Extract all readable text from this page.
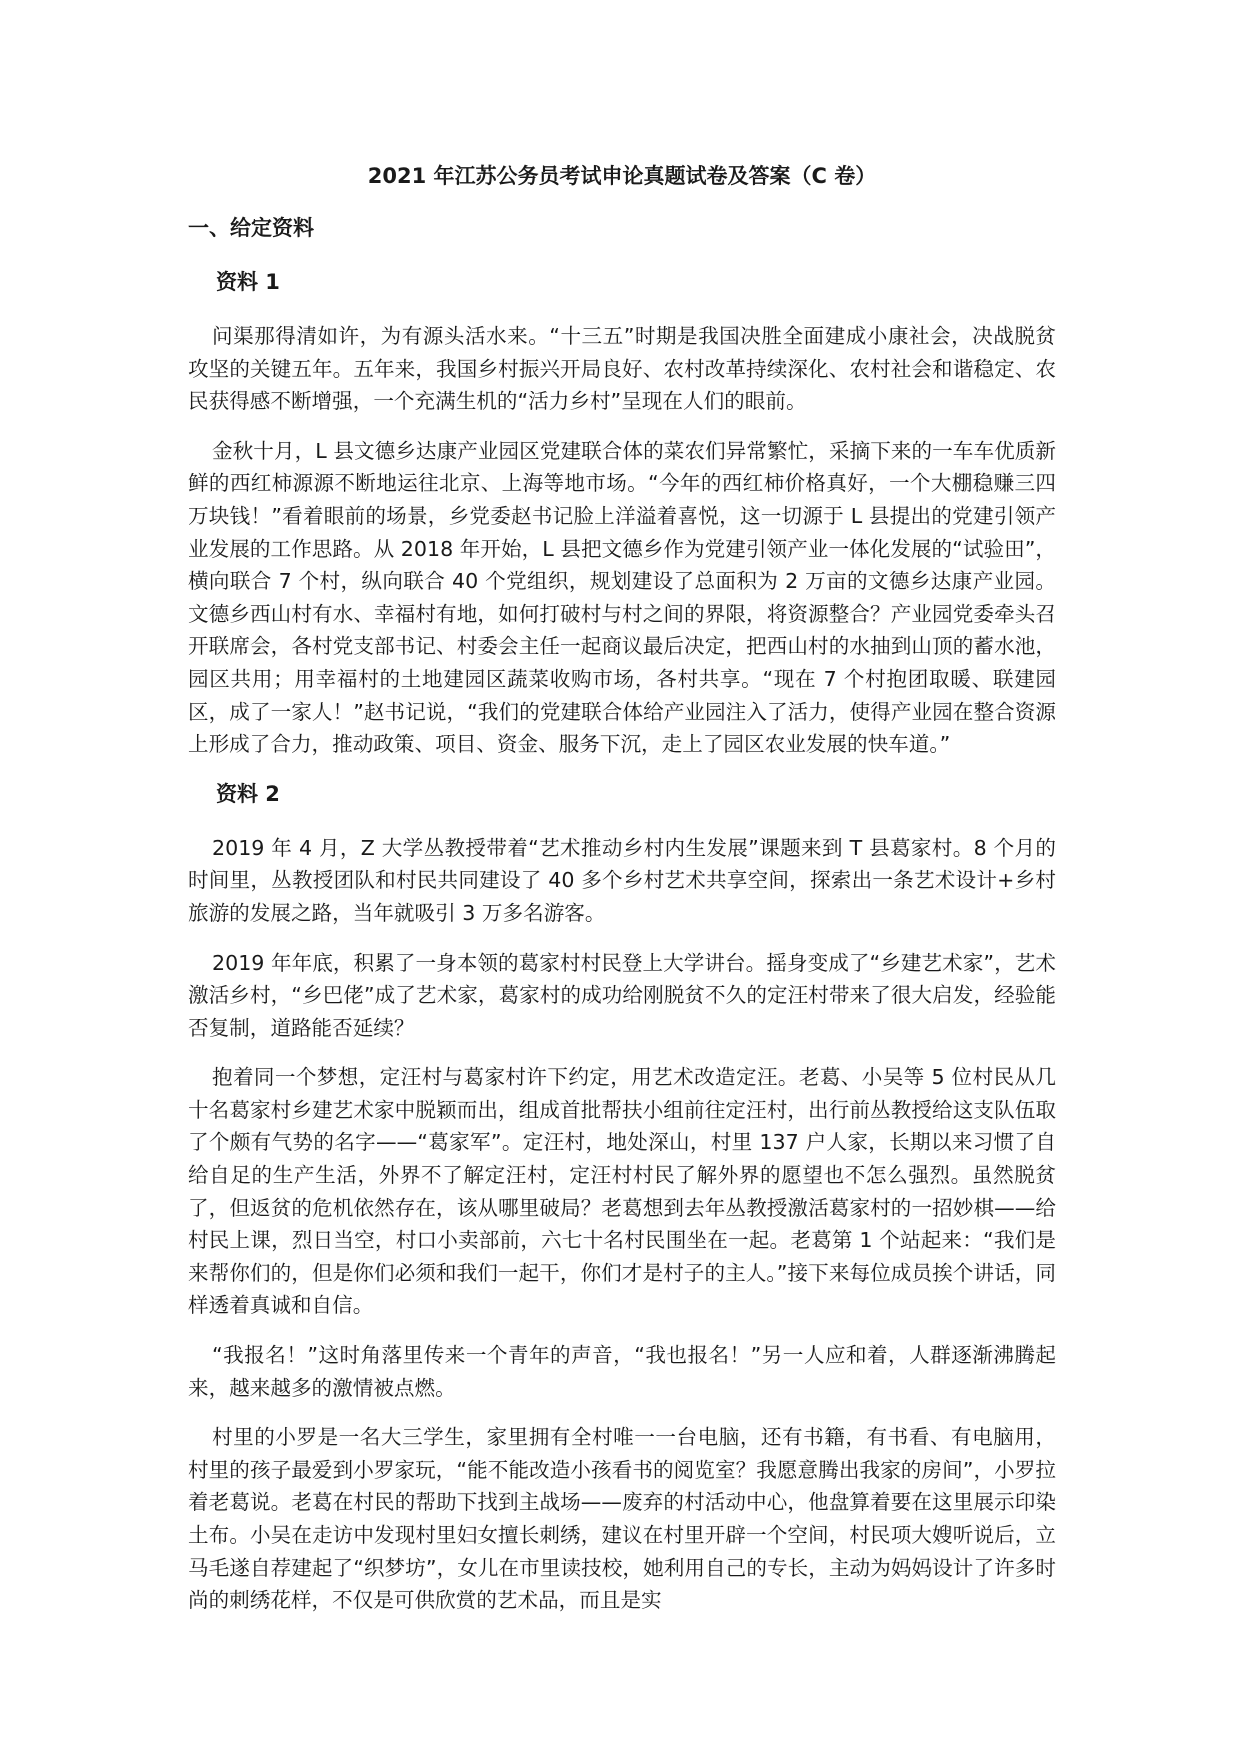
2021 年江苏公务员考试申论真题试卷及答案（C 卷）
一、给定资料
资料 1

问渠那得清如许，为有源头活水来。“十三五”时期是我国决胜全面建成小康社会，决战脱贫攻坚的关键五年。五年来，我国乡村振兴开局良好、农村改革持续深化、农村社会和谐稳定、农民获得感不断增强，一个充满生机的“活力乡村”呈现在人们的眼前。

金秋十月，L 县文德乡达康产业园区党建联合体的菜农们异常繁忙，采摘下来的一车车优质新鲜的西红柿源源不断地运往北京、上海等地市场。“今年的西红柿价格真好，一个大棚稳赚三四万块钱！”看着眼前的场景，乡党委赵书记脸上洋溢着喜悦，这一切源于 L 县提出的党建引领产业发展的工作思路。从 2018 年开始，L 县把文德乡作为党建引领产业一体化发展的“试验田”，横向联合 7 个村，纵向联合 40 个党组织，规划建设了总面积为 2 万亩的文德乡达康产业园。文德乡西山村有水、幸福村有地，如何打破村与村之间的界限，将资源整合？产业园党委牵头召开联席会，各村党支部书记、村委会主任一起商议最后决定，把西山村的水抽到山顶的蓄水池，园区共用；用幸福村的土地建园区蔬菜收购市场，各村共享。“现在 7 个村抱团取暖、联建园区，成了一家人！”赵书记说，“我们的党建联合体给产业园注入了活力，使得产业园在整合资源上形成了合力，推动政策、项目、资金、服务下沉，走上了园区农业发展的快车道。”

资料 2

2019 年 4 月，Z 大学丛教授带着“艺术推动乡村内生发展”课题来到 T 县葛家村。8 个月的时间里，丛教授团队和村民共同建设了 40 多个乡村艺术共享空间，探索出一条艺术设计+乡村旅游的发展之路，当年就吸引 3 万多名游客。

2019 年年底，积累了一身本领的葛家村村民登上大学讲台。摇身变成了“乡建艺术家”，艺术激活乡村，“乡巴佬”成了艺术家，葛家村的成功给刚脱贫不久的定汪村带来了很大启发，经验能否复制，道路能否延续？

抱着同一个梦想，定汪村与葛家村许下约定，用艺术改造定汪。老葛、小吴等 5 位村民从几十名葛家村乡建艺术家中脱颖而出，组成首批帮扶小组前往定汪村，出行前丛教授给这支队伍取了个颇有气势的名字——“葛家军”。定汪村，地处深山，村里 137 户人家，长期以来习惯了自给自足的生产生活，外界不了解定汪村，定汪村村民了解外界的愿望也不怎么强烈。虽然脱贫了，但返贫的危机依然存在，该从哪里破局？老葛想到去年丛教授激活葛家村的一招妙棋——给村民上课，烈日当空，村口小卖部前，六七十名村民围坐在一起。老葛第 1 个站起来：“我们是来帮你们的，但是你们必须和我们一起干，你们才是村子的主人。”接下来每位成员挨个讲话，同样透着真诚和自信。

“我报名！”这时角落里传来一个青年的声音，“我也报名！”另一人应和着，人群逐渐沸腾起来，越来越多的激情被点燃。

村里的小罗是一名大三学生，家里拥有全村唯一一台电脑，还有书籍，有书看、有电脑用，村里的孩子最爱到小罗家玩，“能不能改造小孩看书的阅览室？我愿意腾出我家的房间”，小罗拉着老葛说。老葛在村民的帮助下找到主战场——废弃的村活动中心，他盘算着要在这里展示印染土布。小吴在走访中发现村里妇女擅长刺绣，建议在村里开辟一个空间，村民项大嫂听说后，立马毛遂自荐建起了“织梦坊”，女儿在市里读技校，她利用自己的专长，主动为妈妈设计了许多时尚的刺绣花样，不仅是可供欣赏的艺术品，而且是实
